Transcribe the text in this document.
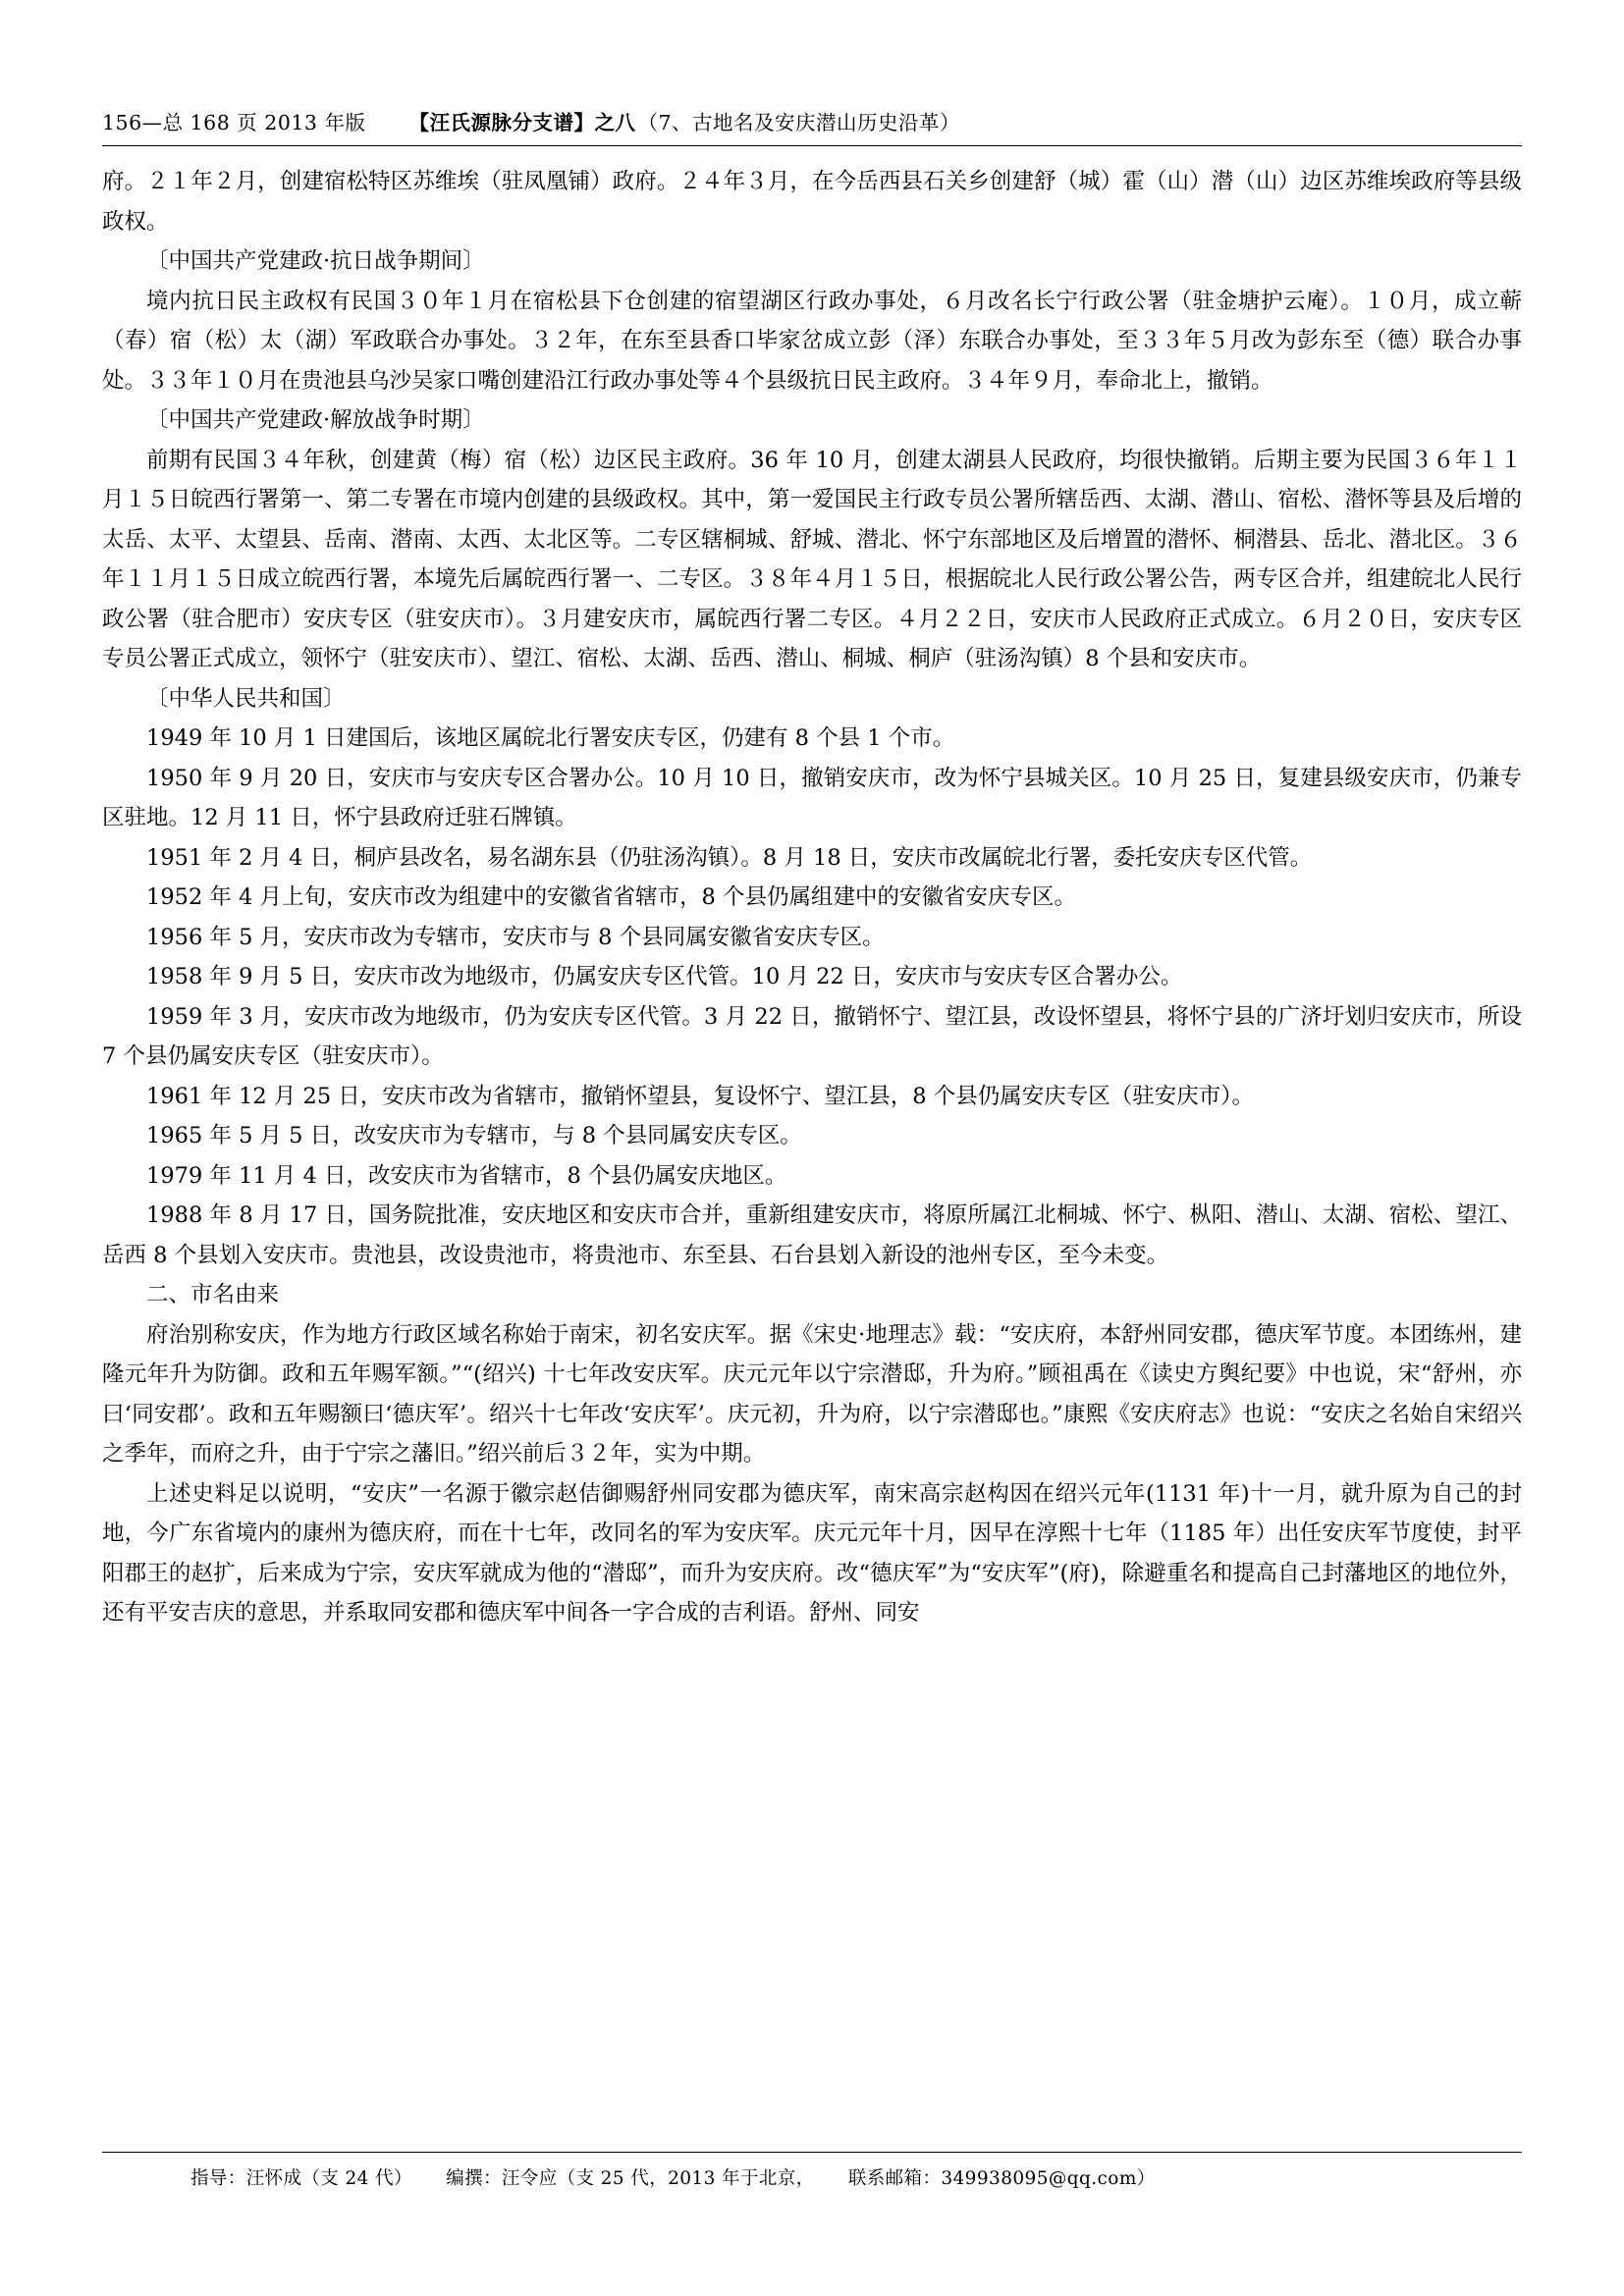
156—总 168 页 2013 年版 【汪氏源脉分支谱】之八 （7、古地名及安庆潜山历史沿革）

府。２１年２月，创建宿松特区苏维埃（驻凤凰铺）政府。２４年３月，在今岳西县石关乡创建舒（城）霍（山）潜（山）边区苏维埃政府等县级政权。

〔中国共产党建政·抗日战争期间〕

境内抗日民主政权有民国３０年１月在宿松县下仓创建的宿望湖区行政办事处，６月改名长宁行政公署（驻金塘护云庵）。１０月，成立蕲（春）宿（松）太（湖）军政联合办事处。３２年，在东至县香口毕家岔成立彭（泽）东联合办事处，至３３年５月改为彭东至（德）联合办事处。３３年１０月在贵池县乌沙吴家口嘴创建沿江行政办事处等４个县级抗日民主政府。３４年９月，奉命北上，撤销。

〔中国共产党建政·解放战争时期〕

前期有民国３４年秋，创建黄（梅）宿（松）边区民主政府。36 年 10 月，创建太湖县人民政府，均很快撤销。后期主要为民国３６年１１月１５日皖西行署第一、第二专署在市境内创建的县级政权。其中，第一爱国民主行政专员公署所辖岳西、太湖、潜山、宿松、潜怀等县及后增的太岳、太平、太望县、岳南、潜南、太西、太北区等。二专区辖桐城、舒城、潜北、怀宁东部地区及后增置的潜怀、桐潜县、岳北、潜北区。３６年１１月１５日成立皖西行署，本境先后属皖西行署一、二专区。３８年４月１５日，根据皖北人民行政公署公告，两专区合并，组建皖北人民行政公署（驻合肥市）安庆专区（驻安庆市）。３月建安庆市，属皖西行署二专区。４月２２日，安庆市人民政府正式成立。６月２０日，安庆专区专员公署正式成立，领怀宁（驻安庆市）、望江、宿松、太湖、岳西、潜山、桐城、桐庐（驻汤沟镇）8 个县和安庆市。

〔中华人民共和国〕

1949 年 10 月 1 日建国后，该地区属皖北行署安庆专区，仍建有 8 个县 1 个市。

1950 年 9 月 20 日，安庆市与安庆专区合署办公。10 月 10 日，撤销安庆市，改为怀宁县城关区。10 月 25 日，复建县级安庆市，仍兼专区驻地。12 月 11 日，怀宁县政府迁驻石牌镇。

1951 年 2 月 4 日，桐庐县改名，易名湖东县（仍驻汤沟镇）。8 月 18 日，安庆市改属皖北行署，委托安庆专区代管。

1952 年 4 月上旬，安庆市改为组建中的安徽省省辖市，8 个县仍属组建中的安徽省安庆专区。

1956 年 5 月，安庆市改为专辖市，安庆市与 8 个县同属安徽省安庆专区。

1958 年 9 月 5 日，安庆市改为地级市，仍属安庆专区代管。10 月 22 日，安庆市与安庆专区合署办公。

1959 年 3 月，安庆市改为地级市，仍为安庆专区代管。3 月 22 日，撤销怀宁、望江县，改设怀望县，将怀宁县的广济圩划归安庆市，所设 7 个县仍属安庆专区（驻安庆市）。

1961 年 12 月 25 日，安庆市改为省辖市，撤销怀望县，复设怀宁、望江县，8 个县仍属安庆专区（驻安庆市）。

1965 年 5 月 5 日，改安庆市为专辖市，与 8 个县同属安庆专区。

1979 年 11 月 4 日，改安庆市为省辖市，8 个县仍属安庆地区。

1988 年 8 月 17 日，国务院批准，安庆地区和安庆市合并，重新组建安庆市，将原所属江北桐城、怀宁、枞阳、潜山、太湖、宿松、望江、岳西 8 个县划入安庆市。贵池县，改设贵池市，将贵池市、东至县、石台县划入新设的池州专区，至今未变。

二、市名由来

府治别称安庆，作为地方行政区域名称始于南宋，初名安庆军。据《宋史·地理志》载：“安庆府，本舒州同安郡，德庆军节度。本团练州，建隆元年升为防御。政和五年赐军额。”“(绍兴) 十七年改安庆军。庆元元年以宁宗潜邸，升为府。”顾祖禹在《读史方舆纪要》中也说，宋“舒州，亦曰‘同安郡’。政和五年赐额曰‘德庆军’。绍兴十七年改‘安庆军’。庆元初，升为府，以宁宗潜邸也。”康熙《安庆府志》也说：“安庆之名始自宋绍兴之季年，而府之升，由于宁宗之藩旧。”绍兴前后３２年，实为中期。

上述史料足以说明，“安庆”一名源于徽宗赵佶御赐舒州同安郡为德庆军，南宋高宗赵构因在绍兴元年(1131 年)十一月，就升原为自己的封地，今广东省境内的康州为德庆府，而在十七年，改同名的军为安庆军。庆元元年十月，因早在淳熙十七年（1185 年）出任安庆军节度使，封平阳郡王的赵扩，后来成为宁宗，安庆军就成为他的“潜邸”，而升为安庆府。改“德庆军”为“安庆军”(府)，除避重名和提高自己封藩地区的地位外，还有平安吉庆的意思，并系取同安郡和德庆军中间各一字合成的吉利语。舒州、同安

指导：汪怀成（支 24 代） 编撰：汪令应（支 25 代，2013 年于北京， 联系邮箱：349938095@qq.com）
